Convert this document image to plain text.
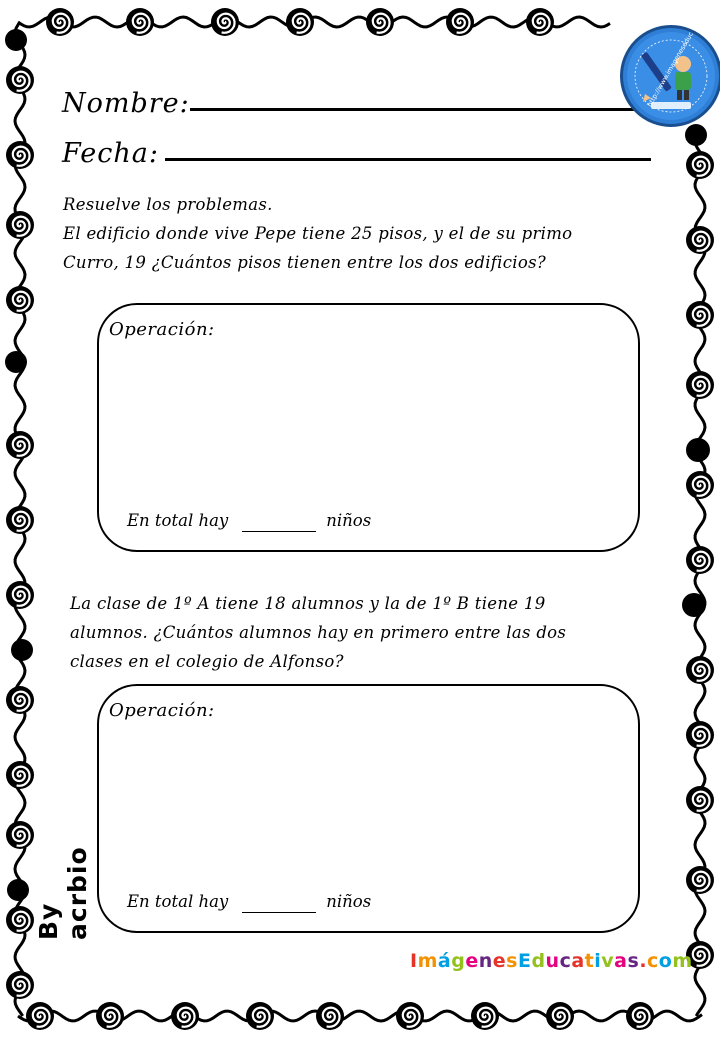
Nombre:
Fecha:
Resuelve los problemas.
El edificio donde vive Pepe tiene 25 pisos, y el de su primo
Curro, 19 ¿Cuántos pisos tienen entre los dos edificios?
Operación:
En total hay	niños
La clase de 1º A tiene 18 alumnos y la de 1º B tiene 19
alumnos. ¿Cuántos alumnos hay en primero entre las dos
clases en el colegio de Alfonso?
Operación:
En total hay	niños
By acrbio
ImágenesEducativas.com
